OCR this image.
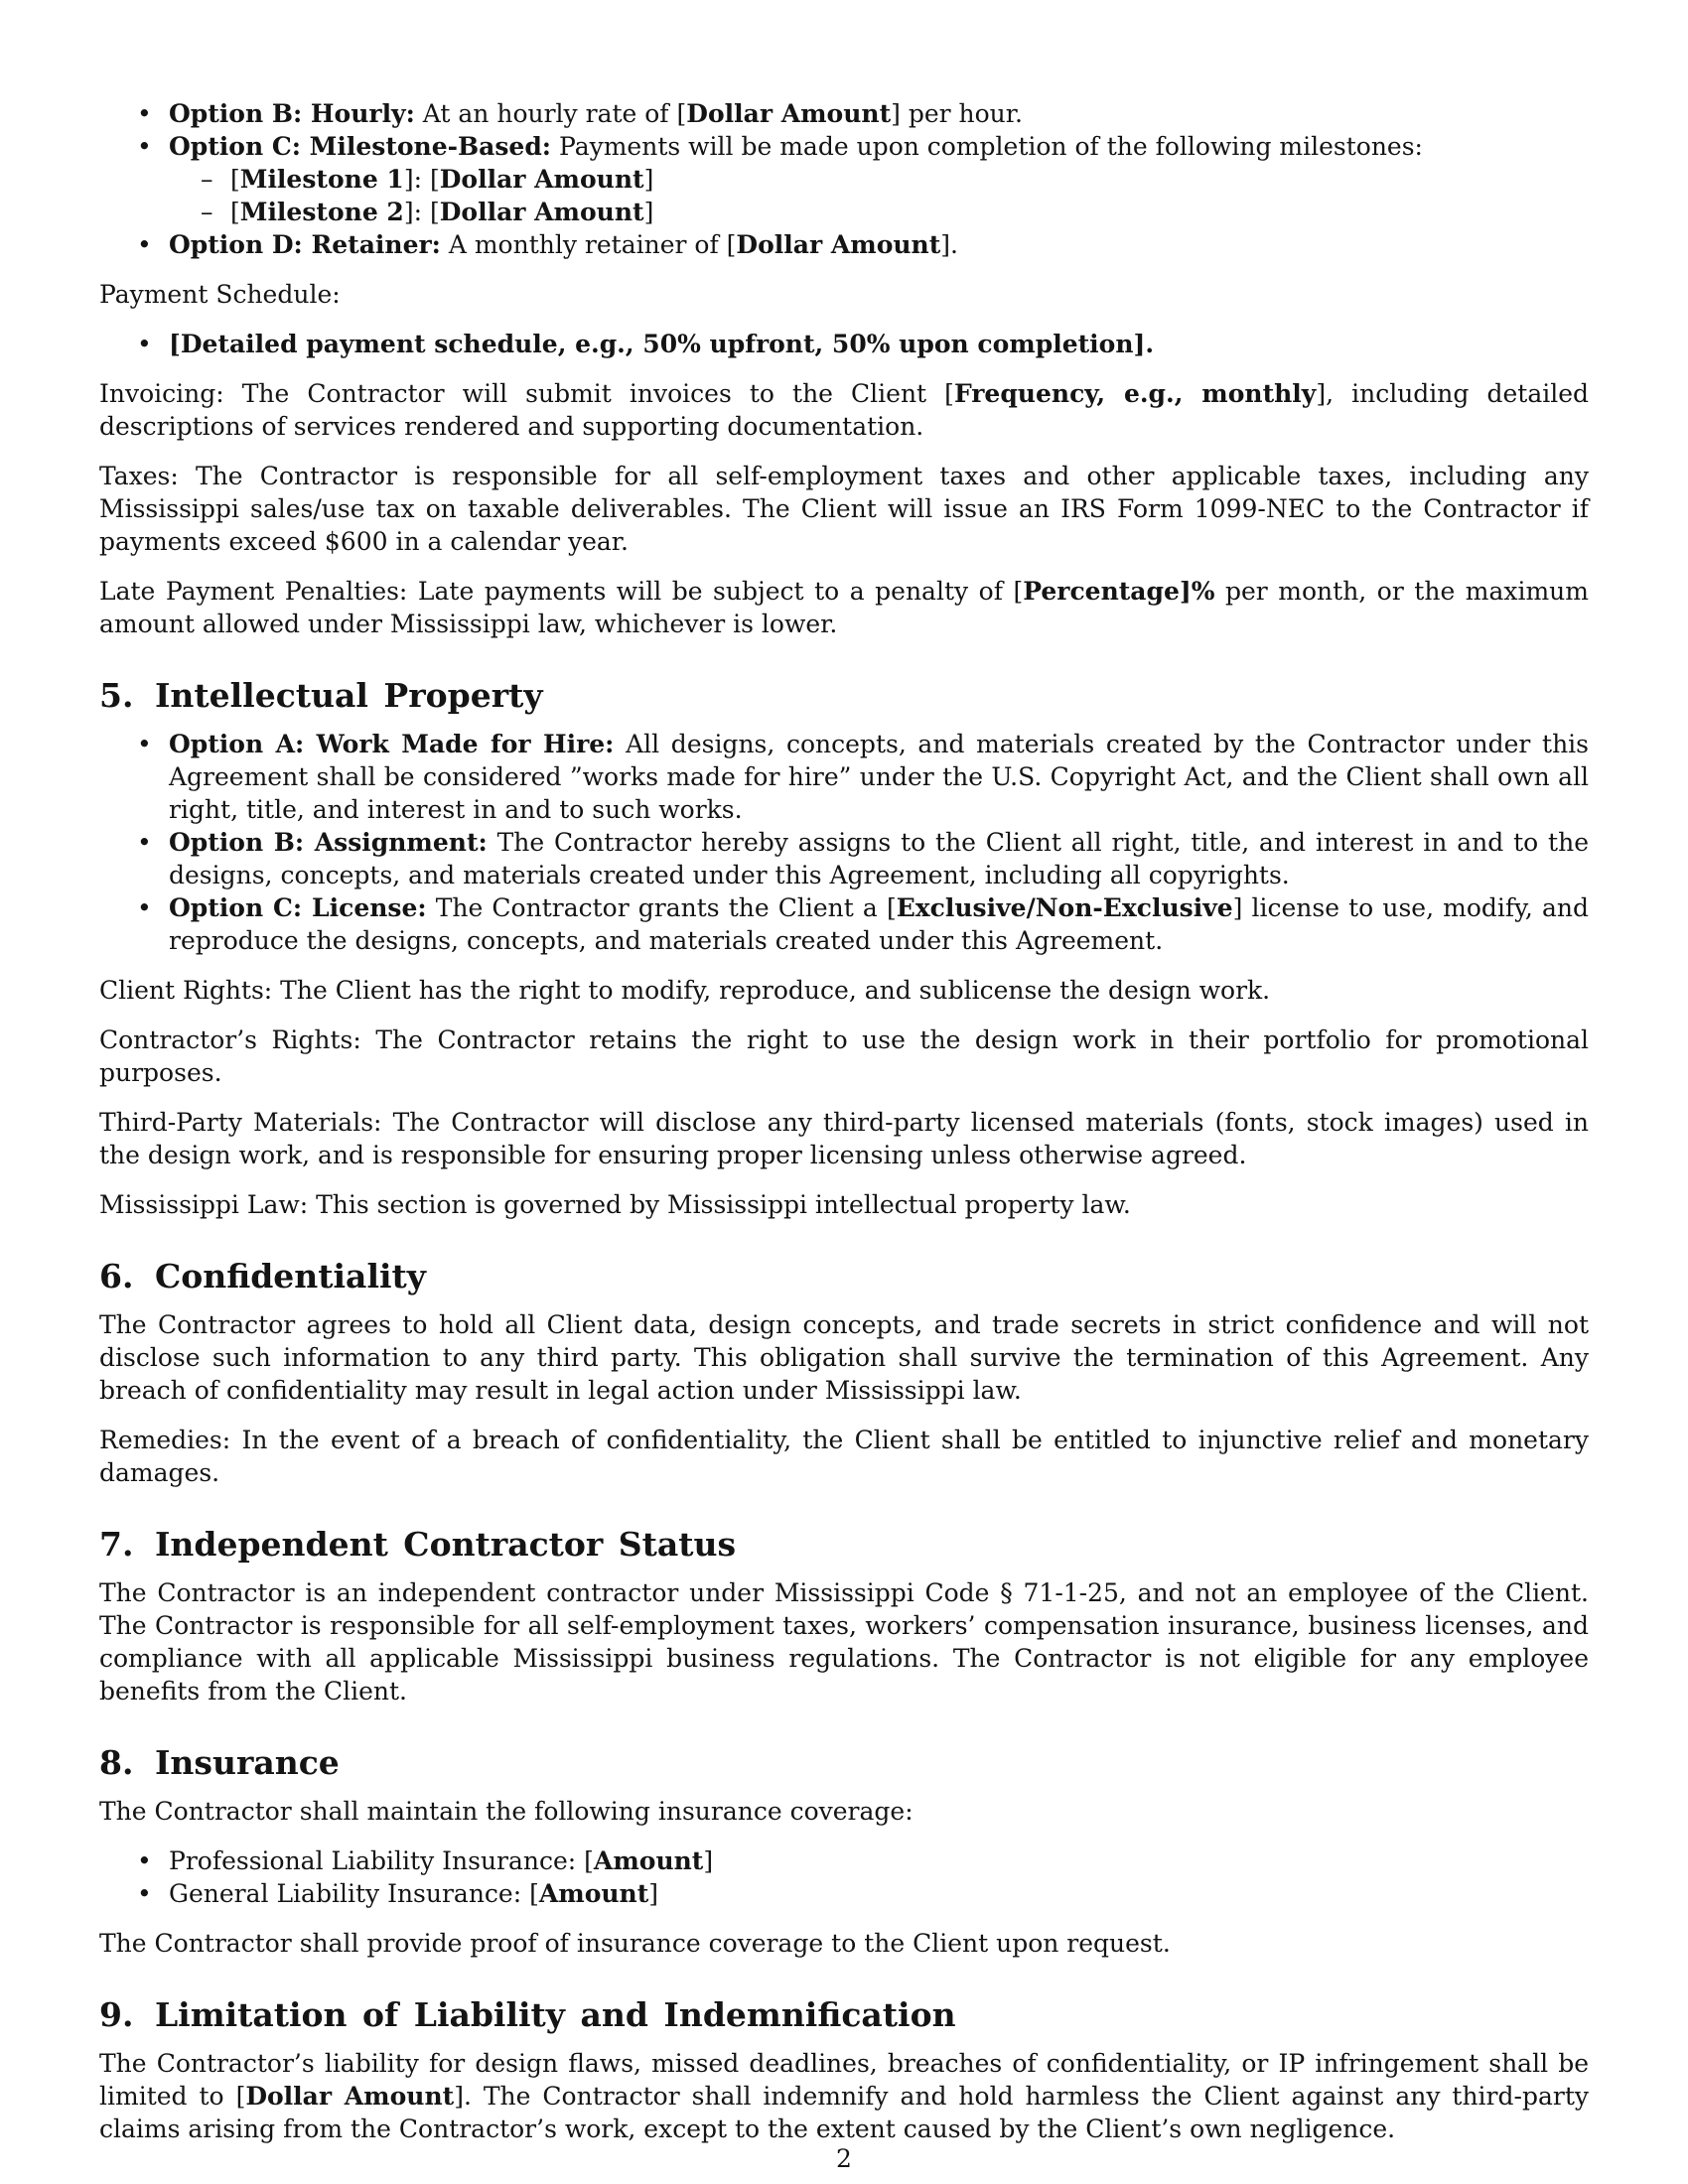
• Option B: Hourly: At an hourly rate of [Dollar Amount] per hour.
• Option C: Milestone-Based: Payments will be made upon completion of the following milestones:
– [Milestone 1]: [Dollar Amount]
– [Milestone 2]: [Dollar Amount]
• Option D: Retainer: A monthly retainer of [Dollar Amount].

Payment Schedule:

• [Detailed payment schedule, e.g., 50% upfront, 50% upon completion].

Invoicing: The Contractor will submit invoices to the Client [Frequency, e.g., monthly], including detailed descriptions of services rendered and supporting documentation.

Taxes: The Contractor is responsible for all self-employment taxes and other applicable taxes, including any Mississippi sales/use tax on taxable deliverables. The Client will issue an IRS Form 1099-NEC to the Contractor if payments exceed $600 in a calendar year.

Late Payment Penalties: Late payments will be subject to a penalty of [Percentage]% per month, or the maximum amount allowed under Mississippi law, whichever is lower.

5. Intellectual Property
• Option A: Work Made for Hire: All designs, concepts, and materials created by the Contractor under this Agreement shall be considered ”works made for hire” under the U.S. Copyright Act, and the Client shall own all right, title, and interest in and to such works.
• Option B: Assignment: The Contractor hereby assigns to the Client all right, title, and interest in and to the designs, concepts, and materials created under this Agreement, including all copyrights.
• Option C: License: The Contractor grants the Client a [Exclusive/Non-Exclusive] license to use, modify, and reproduce the designs, concepts, and materials created under this Agreement.

Client Rights: The Client has the right to modify, reproduce, and sublicense the design work.

Contractor’s Rights: The Contractor retains the right to use the design work in their portfolio for promotional purposes.

Third-Party Materials: The Contractor will disclose any third-party licensed materials (fonts, stock images) used in the design work, and is responsible for ensuring proper licensing unless otherwise agreed.

Mississippi Law: This section is governed by Mississippi intellectual property law.

6. Confidentiality

The Contractor agrees to hold all Client data, design concepts, and trade secrets in strict confidence and will not disclose such information to any third party. This obligation shall survive the termination of this Agreement. Any breach of confidentiality may result in legal action under Mississippi law.

Remedies: In the event of a breach of confidentiality, the Client shall be entitled to injunctive relief and monetary damages.

7. Independent Contractor Status

The Contractor is an independent contractor under Mississippi Code § 71-1-25, and not an employee of the Client. The Contractor is responsible for all self-employment taxes, workers’ compensation insurance, business licenses, and compliance with all applicable Mississippi business regulations. The Contractor is not eligible for any employee benefits from the Client.

8. Insurance

The Contractor shall maintain the following insurance coverage:

• Professional Liability Insurance: [Amount]
• General Liability Insurance: [Amount]

The Contractor shall provide proof of insurance coverage to the Client upon request.

9. Limitation of Liability and Indemnification

The Contractor’s liability for design flaws, missed deadlines, breaches of confidentiality, or IP infringement shall be limited to [Dollar Amount]. The Contractor shall indemnify and hold harmless the Client against any third-party claims arising from the Contractor’s work, except to the extent caused by the Client’s own negligence.

2
